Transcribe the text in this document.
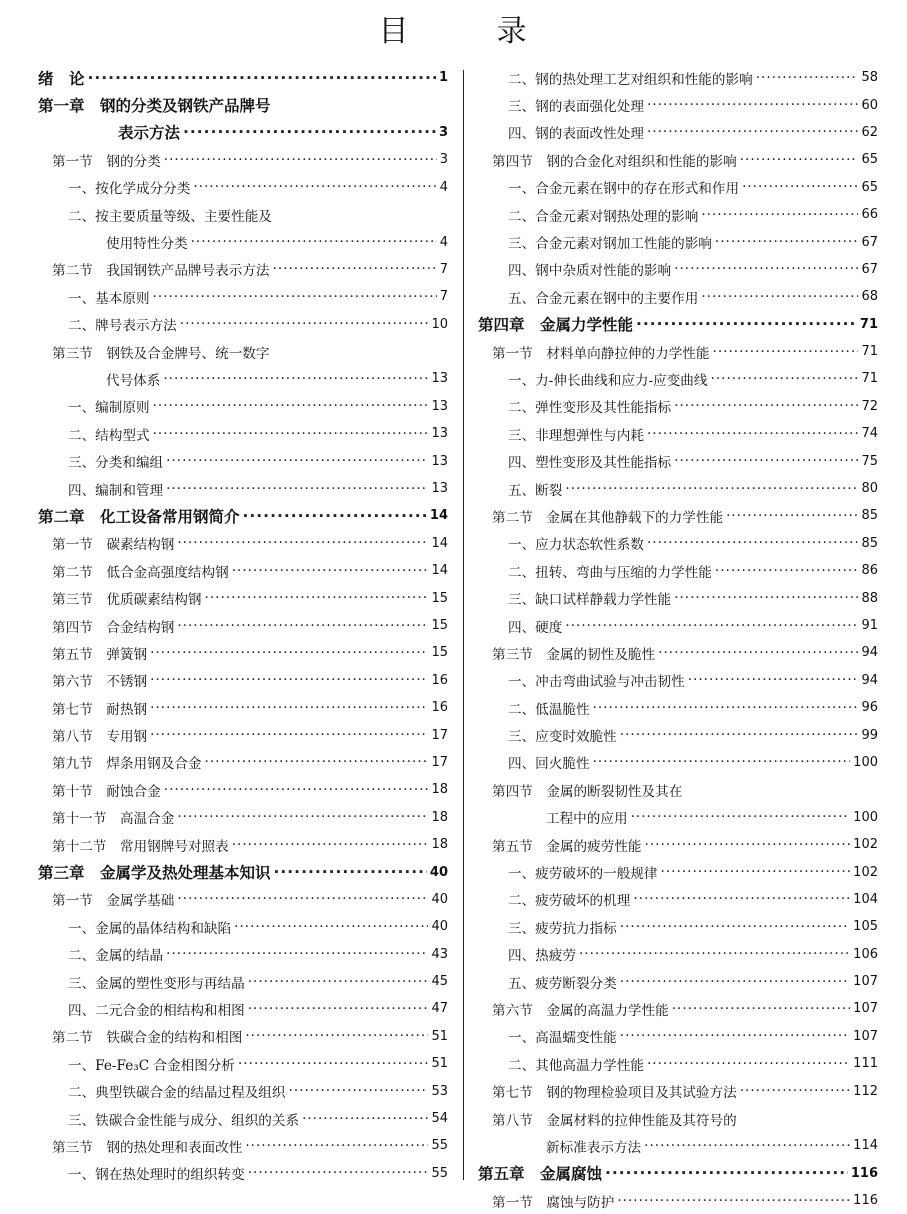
目	录
绪　论 ·····	1
第一章　钢的分类及钢铁产品牌号
表示方法 ·····	3
第一节　钢的分类 ·····	3
一、按化学成分分类 ·····	4
二、按主要质量等级、主要性能及
使用特性分类 ·····	4
第二节　我国钢铁产品牌号表示方法 ·····	7
一、基本原则 ·····	7
二、牌号表示方法 ·····	10
第三节　钢铁及合金牌号、统一数字
代号体系 ·····	13
一、编制原则 ·····	13
二、结构型式 ·····	13
三、分类和编组 ·····	13
四、编制和管理 ·····	13
第二章　化工设备常用钢简介 ·····	14
第一节　碳素结构钢 ·····	14
第二节　低合金高强度结构钢 ·····	14
第三节　优质碳素结构钢 ·····	15
第四节　合金结构钢 ·····	15
第五节　弹簧钢 ·····	15
第六节　不锈钢 ·····	16
第七节　耐热钢 ·····	16
第八节　专用钢 ·····	17
第九节　焊条用钢及合金 ·····	17
第十节　耐蚀合金 ·····	18
第十一节　高温合金 ·····	18
第十二节　常用钢牌号对照表 ·····	18
第三章　金属学及热处理基本知识 ·····	40
第一节　金属学基础 ·····	40
一、金属的晶体结构和缺陷 ·····	40
二、金属的结晶 ·····	43
三、金属的塑性变形与再结晶 ·····	45
四、二元合金的相结构和相图 ·····	47
第二节　铁碳合金的结构和相图 ·····	51
一、Fe-Fe₃C 合金相图分析 ·····	51
二、典型铁碳合金的结晶过程及组织 ·····	53
三、铁碳合金性能与成分、组织的关系 ·····	54
第三节　钢的热处理和表面改性 ·····	55
一、钢在热处理时的组织转变 ·····	55
二、钢的热处理工艺对组织和性能的影响 ·····	58
三、钢的表面强化处理 ·····	60
四、钢的表面改性处理 ·····	62
第四节　钢的合金化对组织和性能的影响 ·····	65
一、合金元素在钢中的存在形式和作用 ·····	65
二、合金元素对钢热处理的影响 ·····	66
三、合金元素对钢加工性能的影响 ·····	67
四、钢中杂质对性能的影响 ·····	67
五、合金元素在钢中的主要作用 ·····	68
第四章　金属力学性能 ·····	71
第一节　材料单向静拉伸的力学性能 ·····	71
一、力-伸长曲线和应力-应变曲线 ·····	71
二、弹性变形及其性能指标 ·····	72
三、非理想弹性与内耗 ·····	74
四、塑性变形及其性能指标 ·····	75
五、断裂 ·····	80
第二节　金属在其他静载下的力学性能 ·····	85
一、应力状态软性系数 ·····	85
二、扭转、弯曲与压缩的力学性能 ·····	86
三、缺口试样静载力学性能 ·····	88
四、硬度 ·····	91
第三节　金属的韧性及脆性 ·····	94
一、冲击弯曲试验与冲击韧性 ·····	94
二、低温脆性 ·····	96
三、应变时效脆性 ·····	99
四、回火脆性 ·····	100
第四节　金属的断裂韧性及其在
工程中的应用 ·····	100
第五节　金属的疲劳性能 ·····	102
一、疲劳破坏的一般规律 ·····	102
二、疲劳破坏的机理 ·····	104
三、疲劳抗力指标 ·····	105
四、热疲劳 ·····	106
五、疲劳断裂分类 ·····	107
第六节　金属的高温力学性能 ·····	107
一、高温蠕变性能 ·····	107
二、其他高温力学性能 ·····	111
第七节　钢的物理检验项目及其试验方法 ·····	112
第八节　金属材料的拉伸性能及其符号的
新标准表示方法 ·····	114
第五章　金属腐蚀 ·····	116
第一节　腐蚀与防护 ·····	116
